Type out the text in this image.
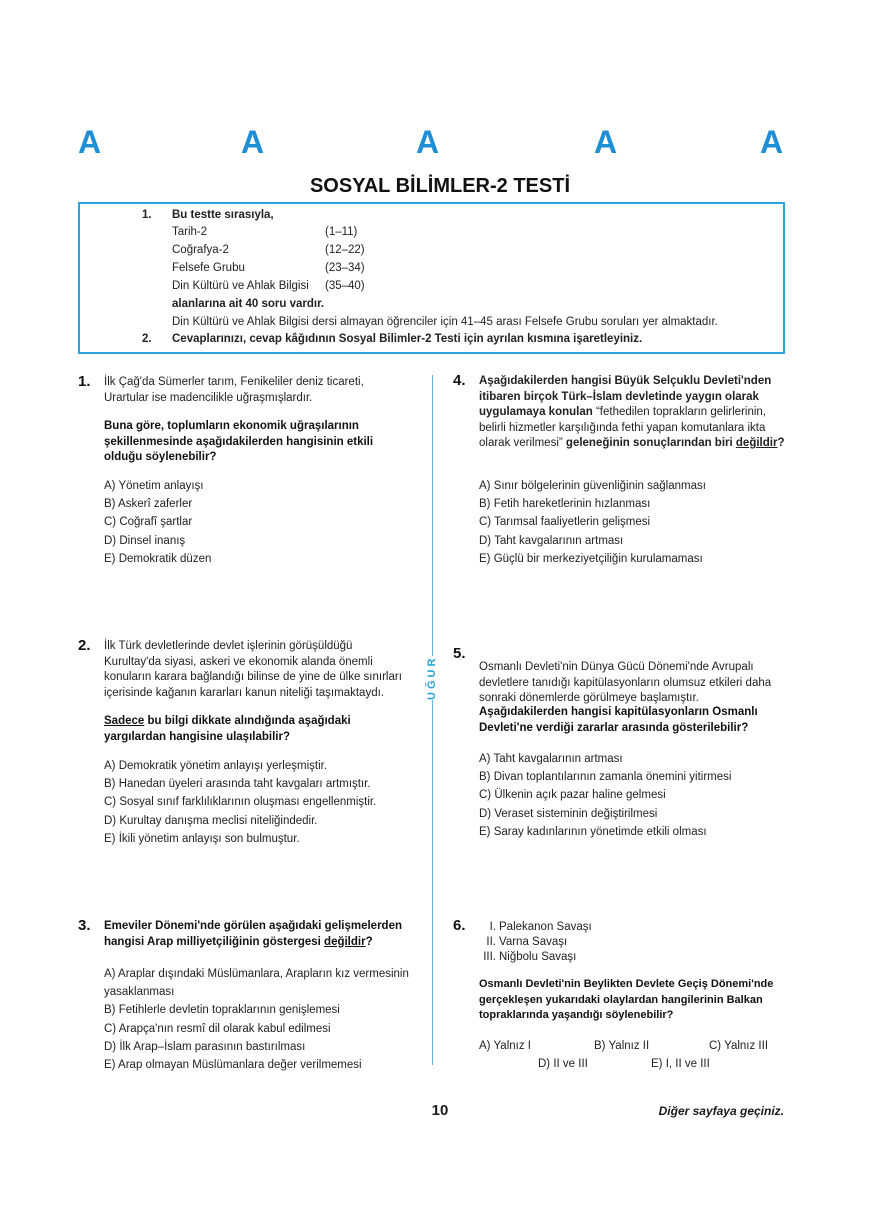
A	A	A	A	A
SOSYAL BİLİMLER-2 TESTİ
1. Bu testte sırasıyla,
Tarih-2	(1–11)
Coğrafya-2	(12–22)
Felsefe Grubu	(23–34)
Din Kültürü ve Ahlak Bilgisi (35–40)
alanlarına ait 40 soru vardır.
Din Kültürü ve Ahlak Bilgisi dersi almayan öğrenciler için 41–45 arası Felsefe Grubu soruları yer almaktadır.
2. Cevaplarınızı, cevap kâğıdının Sosyal Bilimler-2 Testi için ayrılan kısmına işaretleyiniz.
UĞUR
1. İlk Çağ'da Sümerler tarım, Fenikeliler deniz ticareti, Urartular ise madencilikle uğraşmışlardır.
Buna göre, toplumların ekonomik uğraşılarının şekillenmesinde aşağıdakilerden hangisinin etkili olduğu söylenebilir?
A) Yönetim anlayışı
B) Askerî zaferler
C) Coğrafî şartlar
D) Dinsel inanış
E) Demokratik düzen
2. İlk Türk devletlerinde devlet işlerinin görüşüldüğü Kurultay'da siyasi, askeri ve ekonomik alanda önemli konuların karara bağlandığı bilinse de yine de ülke sınırları içerisinde kağanın kararları kanun niteliği taşımaktaydı.
Sadece bu bilgi dikkate alındığında aşağıdaki yargılardan hangisine ulaşılabilir?
A) Demokratik yönetim anlayışı yerleşmiştir.
B) Hanedan üyeleri arasında taht kavgaları artmıştır.
C) Sosyal sınıf farklılıklarının oluşması engellenmiştir.
D) Kurultay danışma meclisi niteliğindedir.
E) İkili yönetim anlayışı son bulmuştur.
3. Emeviler Dönemi'nde görülen aşağıdaki gelişmelerden hangisi Arap milliyetçiliğinin göstergesi değildir?
A) Araplar dışındaki Müslümanlara, Arapların kız vermesinin yasaklanması
B) Fetihlerle devletin topraklarının genişlemesi
C) Arapça'nın resmî dil olarak kabul edilmesi
D) İlk Arap–İslam parasının bastırılması
E) Arap olmayan Müslümanlara değer verilmemesi
4. Aşağıdakilerden hangisi Büyük Selçuklu Devleti'nden itibaren birçok Türk–İslam devletinde yaygın olarak uygulamaya konulan “fethedilen toprakların gelirlerinin, belirli hizmetler karşılığında fethi yapan komutanlara ikta olarak verilmesi” geleneğinin sonuçlarından biri değildir?
A) Sınır bölgelerinin güvenliğinin sağlanması
B) Fetih hareketlerinin hızlanması
C) Tarımsal faaliyetlerin gelişmesi
D) Taht kavgalarının artması
E) Güçlü bir merkeziyetçiliğin kurulamaması
5.
Osmanlı Devleti'nin Dünya Gücü Dönemi'nde Avrupalı devletlere tanıdığı kapitülasyonların olumsuz etkileri daha sonraki dönemlerde görülmeye başlamıştır.
Aşağıdakilerden hangisi kapitülasyonların Osmanlı Devleti'ne verdiği zararlar arasında gösterilebilir?
A) Taht kavgalarının artması
B) Divan toplantılarının zamanla önemini yitirmesi
C) Ülkenin açık pazar haline gelmesi
D) Veraset sisteminin değiştirilmesi
E) Saray kadınlarının yönetimde etkili olması
6.	I. Palekanon Savaşı
II. Varna Savaşı
III. Niğbolu Savaşı
Osmanlı Devleti'nin Beylikten Devlete Geçiş Dönemi'nde gerçekleşen yukarıdaki olaylardan hangilerinin Balkan topraklarında yaşandığı söylenebilir?
A) Yalnız I	B) Yalnız II	C) Yalnız III
D) II ve III	E) I, II ve III
10	Diğer sayfaya geçiniz.
